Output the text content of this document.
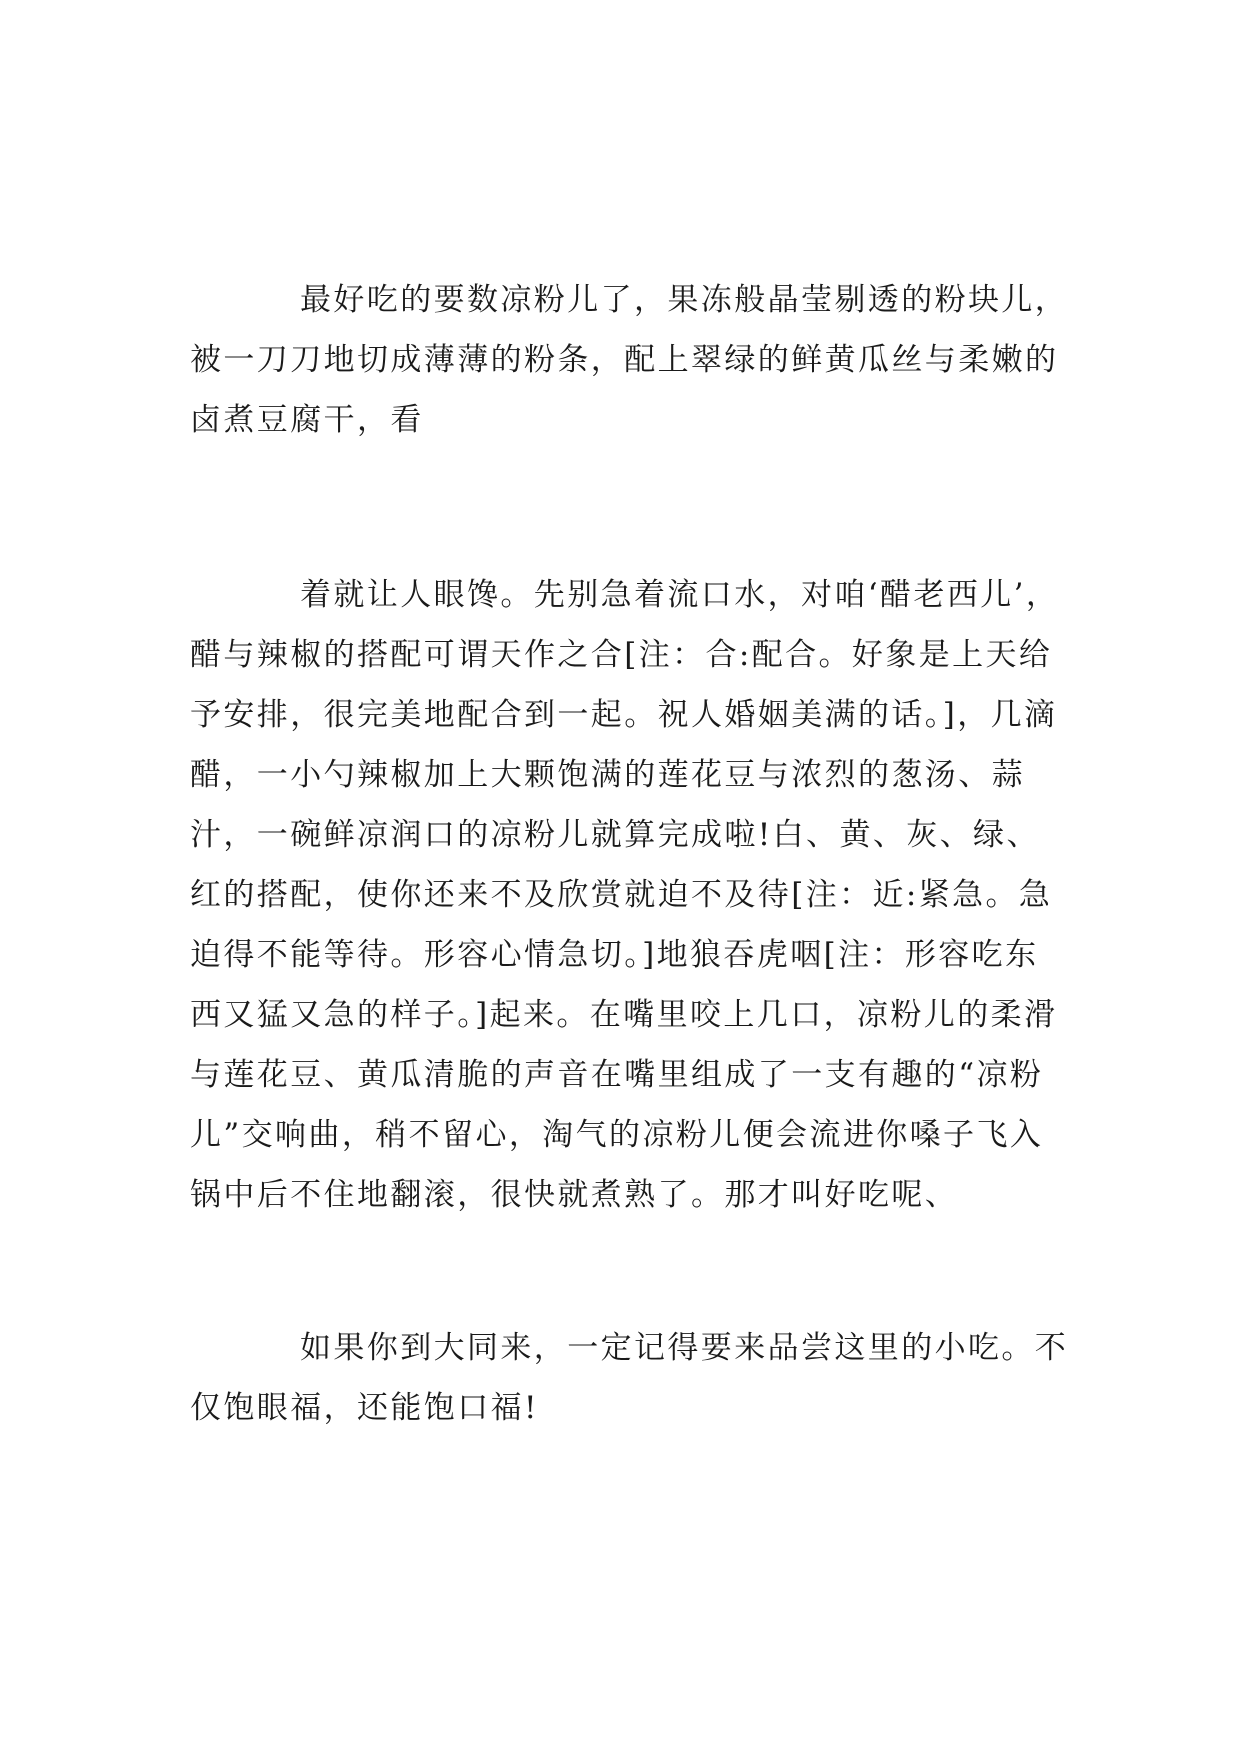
最好吃的要数凉粉儿了，果冻般晶莹剔透的粉块儿，被一刀刀地切成薄薄的粉条，配上翠绿的鲜黄瓜丝与柔嫩的卤煮豆腐干，看

着就让人眼馋。先别急着流口水，对咱‘醋老西儿’，醋与辣椒的搭配可谓天作之合[注：合:配合。好象是上天给予安排，很完美地配合到一起。祝人婚姻美满的话。]，几滴醋，一小勺辣椒加上大颗饱满的莲花豆与浓烈的葱汤、蒜汁，一碗鲜凉润口的凉粉儿就算完成啦!白、黄、灰、绿、红的搭配，使你还来不及欣赏就迫不及待[注：近:紧急。急迫得不能等待。形容心情急切。]地狼吞虎咽[注：形容吃东西又猛又急的样子。]起来。在嘴里咬上几口，凉粉儿的柔滑与莲花豆、黄瓜清脆的声音在嘴里组成了一支有趣的“凉粉儿”交响曲，稍不留心，淘气的凉粉儿便会流进你嗓子飞入锅中后不住地翻滚，很快就煮熟了。那才叫好吃呢、

如果你到大同来，一定记得要来品尝这里的小吃。不仅饱眼福，还能饱口福!
